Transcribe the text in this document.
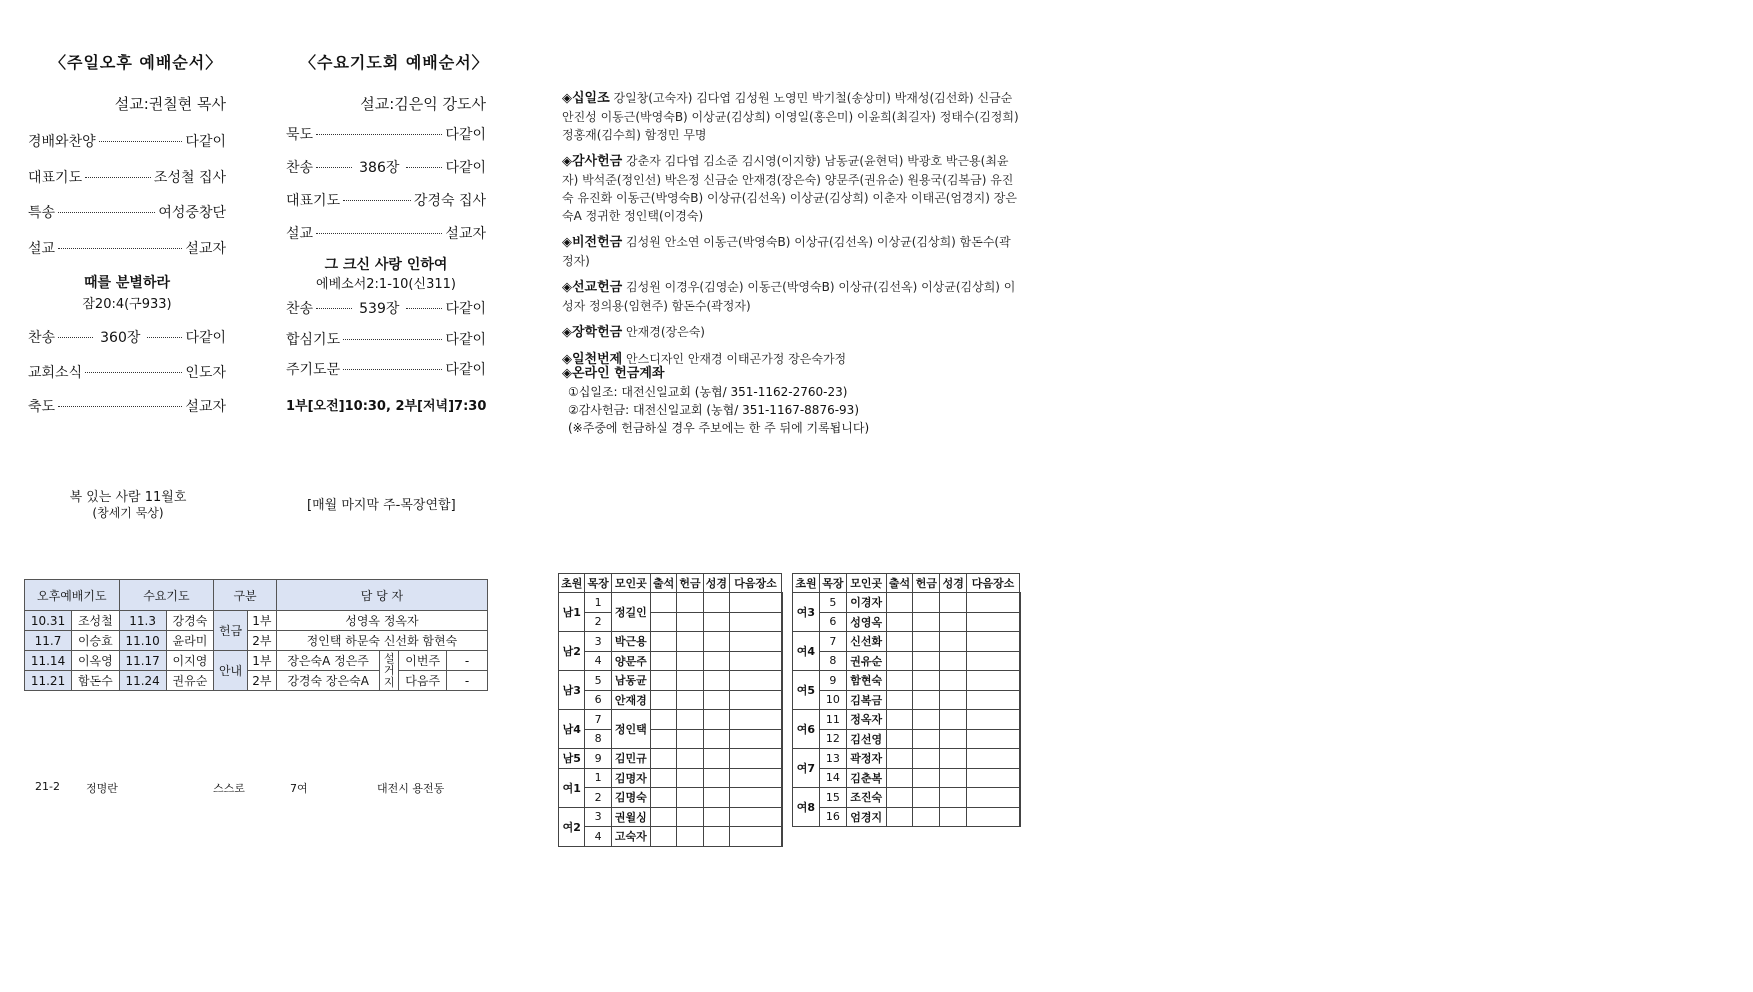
〈주일오후 예배순서〉
설교:권칠현 목사
경배와찬양	다같이
대표기도	조성철 집사
특송	여성중창단
설교	설교자
때를 분별하라
잠20:4(구933)
찬송	360장	다같이
교회소식	인도자
축도	설교자
〈수요기도회 예배순서〉
설교:김은익 강도사
묵도	다같이
찬송	386장	다같이
대표기도	강경숙 집사
설교	설교자
그 크신 사랑 인하여
에베소서2:1-10(신311)
찬송	539장	다같이
합심기도	다같이
주기도문	다같이
1부[오전]10:30, 2부[저녁]7:30
복 있는 사람 11월호
(창세기 묵상)	[매월 마지막 주-목장연합]
◈십일조 강일창(고숙자) 김다엽 김성원 노영민 박기철(송상미) 박재성(김선화) 신금순 안진성 이동근(박영숙B) 이상균(김상희) 이영일(홍은미) 이윤희(최길자) 정태수(김정희) 정홍재(김수희) 함정민 무명
◈감사헌금 강춘자 김다엽 김소준 김시영(이지향) 남동균(윤현덕) 박광호 박근용(최윤자) 박석준(정인선) 박은정 신금순 안재경(장은숙) 양문주(권유순) 원용국(김복금) 유진숙 유진화 이동근(박영숙B) 이상규(김선옥) 이상균(김상희) 이춘자 이태곤(엄경지) 장은숙A 정귀한 정인택(이경숙)
◈비전헌금 김성원 안소연 이동근(박영숙B) 이상규(김선옥) 이상균(김상희) 함돈수(곽정자)
◈선교헌금 김성원 이경우(김영순) 이동근(박영숙B) 이상규(김선옥) 이상균(김상희) 이성자 정의용(임현주) 함돈수(곽정자)
◈장학헌금 안재경(장은숙)
◈일천번제 안스디자인 안재경 이태곤가정 장은숙가정
◈온라인 헌금계좌
①십일조: 대전신일교회 (농협/ 351-1162-2760-23)
②감사헌금: 대전신일교회 (농협/ 351-1167-8876-93)
(※주중에 헌금하실 경우 주보에는 한 주 뒤에 기록됩니다)
오후예배기도		수요기도		구분		담 당 자			
10.31	조성철	11.3	강경숙	헌금	1부	성영옥 정옥자			
11.7	이승효	11.10	윤라미		2부	정인택 하문숙 신선화 함현숙			
11.14	이옥영	11.17	이지영	안내	1부	장은숙A 정은주	설거지	이번주	-
11.21	함돈수	11.24	권유순		2부	강경숙 장은숙A		다음주	-
21-2 정명란	스스로	7여	대전시 용전동
초원	목장	모인곳	출석	헌금	성경	다음장소	
남1	1	정길인					
	2						
남2	3	박근용					
	4	양문주					
남3	5	남동균					
	6	안재경					
남4	7	정인택					
	8						
남5	9	김민규					
여1	1	김명자					
	2	김명숙					
여2	3	권윌싱					
	4	고숙자					
초원	목장	모인곳	출석	헌금	성경	다음장소	
여3	5	이경자					
	6	성영옥					
여4	7	신선화					
	8	권유순					
여5	9	함현숙					
	10	김복금					
여6	11	정옥자					
	12	김선영					
여7	13	곽정자					
	14	김춘복					
여8	15	조진숙					
	16	엄경지					
